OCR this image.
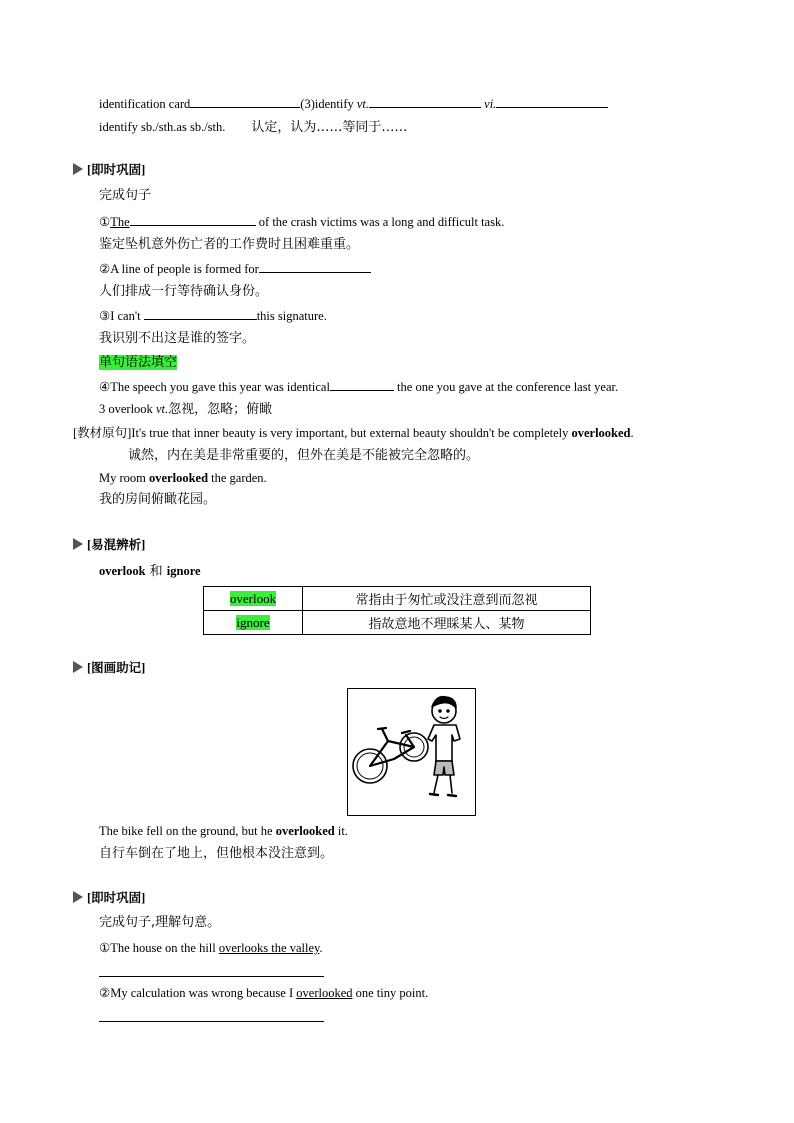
identification card	(3)identify vt.	vi.
identify sb./sth.as sb./sth. 认定，认为……等同于……
[即时巩固]
完成句子
①The	of the crash victims was a long and difficult task.
鉴定坠机意外伤亡者的工作费时且困难重重。
②A line of people is formed for
人们排成一行等待确认身份。
③I can't	this signature.
我识别不出这是谁的签字。
单句语法填空
④The speech you gave this year was identical	the one you gave at the conference last year.
3 overlook vt.忽视，忽略；俯瞰
[教材原句]It's true that inner beauty is very important, but external beauty shouldn't be completely overlooked.
诚然，内在美是非常重要的，但外在美是不能被完全忽略的。
My room overlooked the garden.
我的房间俯瞰花园。
[易混辨析]
overlook 和 ignore
overlook	常指由于匆忙或没注意到而忽视
ignore	指故意地不理睬某人、某物
[图画助记]
The bike fell on the ground, but he overlooked it.
自行车倒在了地上，但他根本没注意到。
[即时巩固]
完成句子,理解句意。
①The house on the hill overlooks the valley.
②My calculation was wrong because I overlooked one tiny point.
